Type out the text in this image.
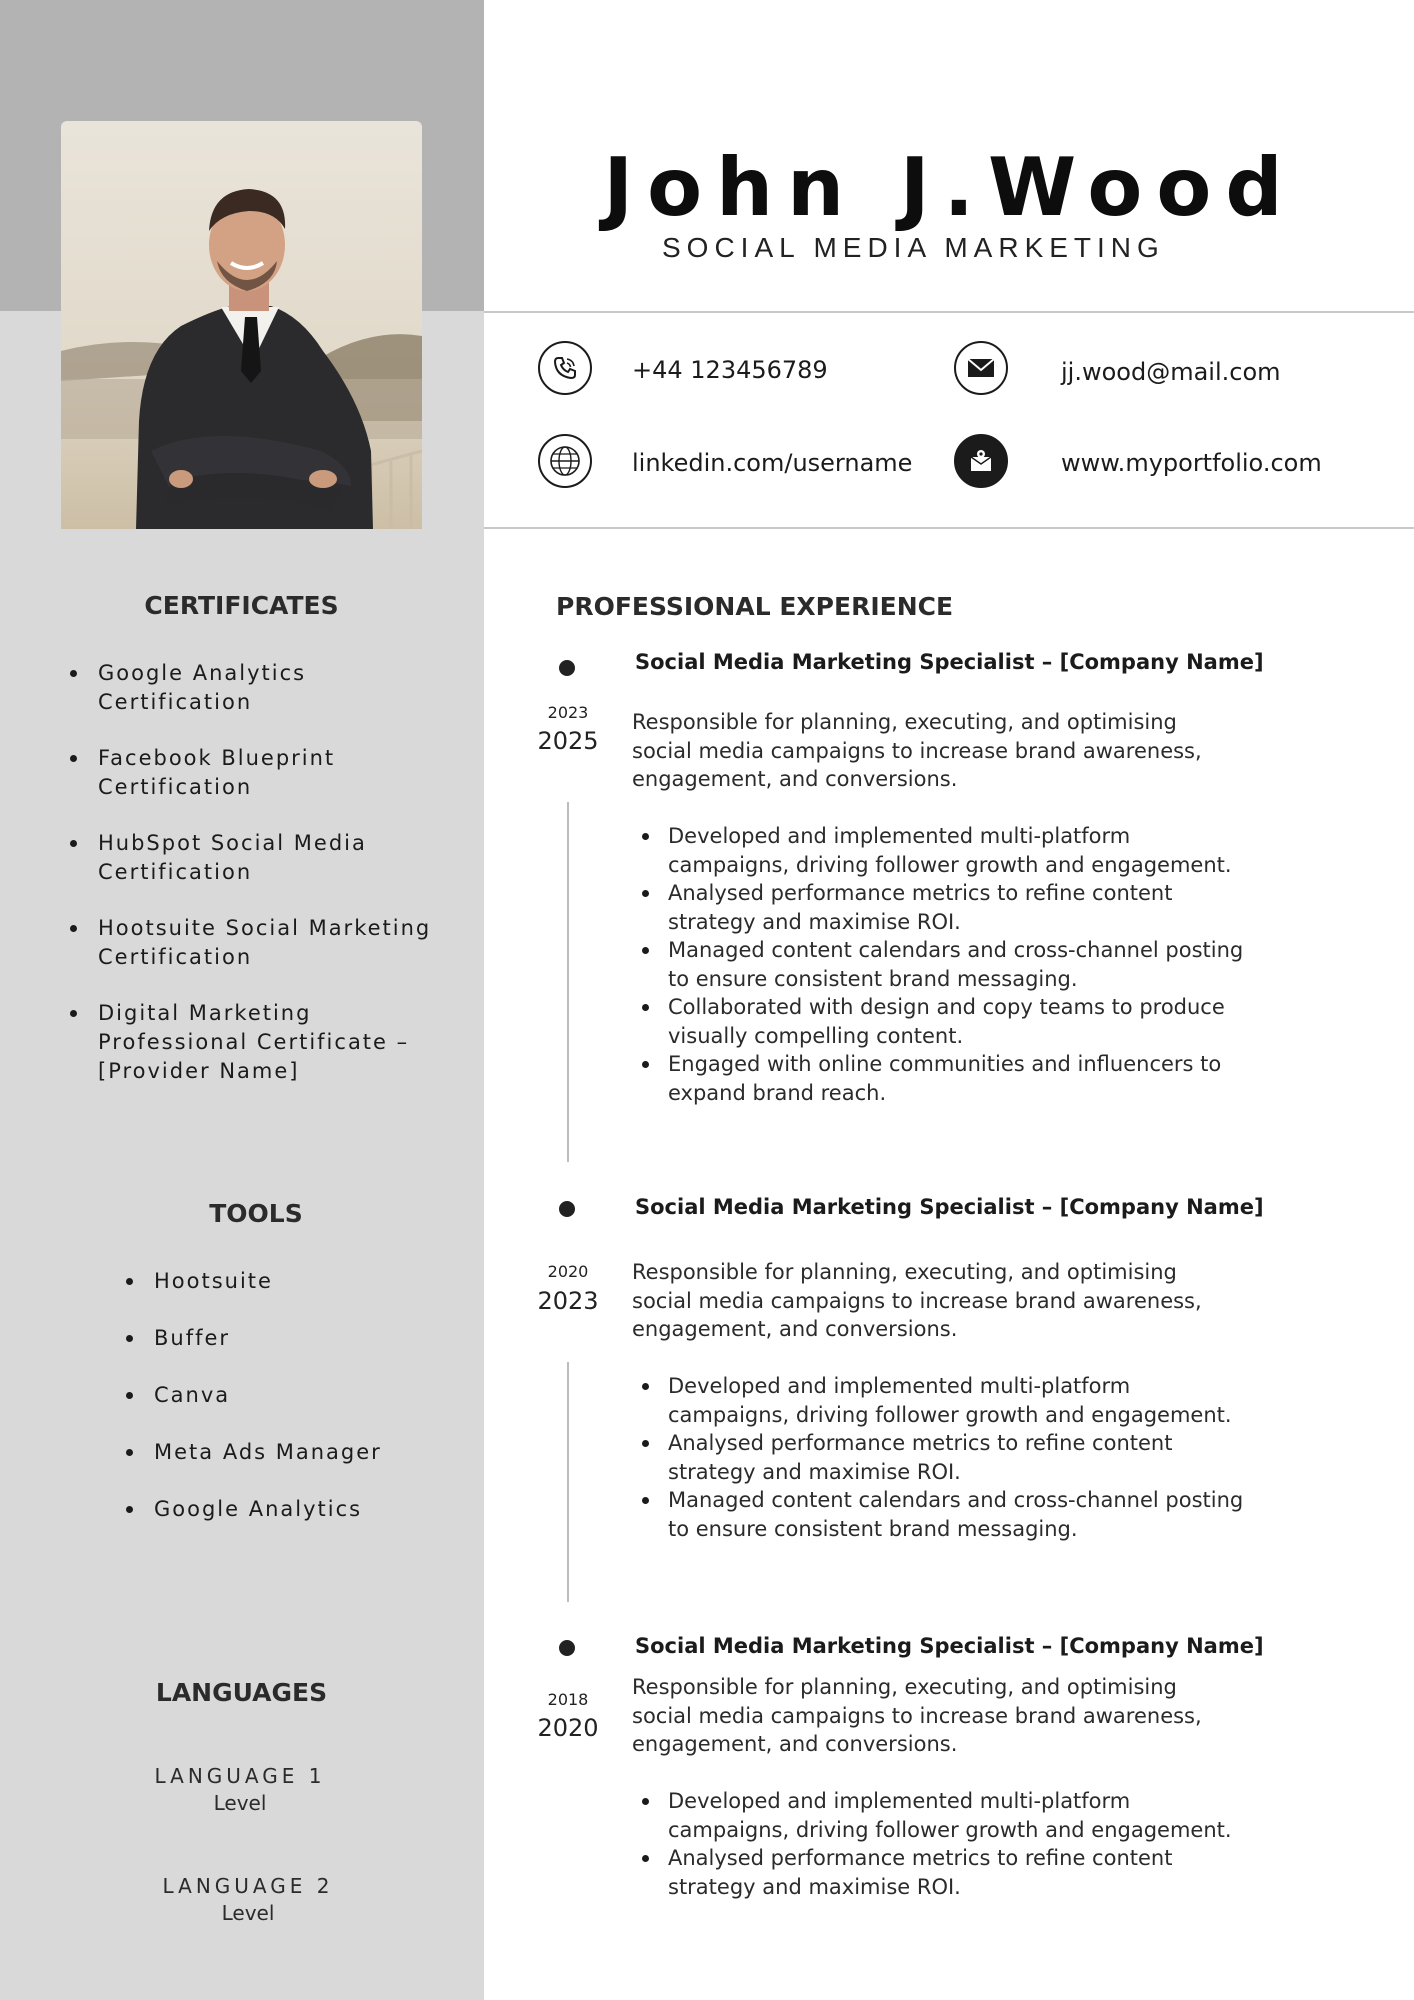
John J.Wood
SOCIAL MEDIA MARKETING
+44 123456789	jj.wood@mail.com
linkedin.com/username	www.myportfolio.com
CERTIFICATES
Google Analytics Certification
Facebook Blueprint Certification
HubSpot Social Media Certification
Hootsuite Social Marketing Certification
Digital Marketing Professional Certificate – [Provider Name]
TOOLS
Hootsuite
Buffer
Canva
Meta Ads Manager
Google Analytics
LANGUAGES
LANGUAGE 1
Level
LANGUAGE 2
Level
PROFESSIONAL EXPERIENCE
2023
2025
Social Media Marketing Specialist – [Company Name]
Responsible for planning, executing, and optimising social media campaigns to increase brand awareness, engagement, and conversions.
Developed and implemented multi-platform campaigns, driving follower growth and engagement.
Analysed performance metrics to refine content strategy and maximise ROI.
Managed content calendars and cross-channel posting to ensure consistent brand messaging.
Collaborated with design and copy teams to produce visually compelling content.
Engaged with online communities and influencers to expand brand reach.
2020
2023
Social Media Marketing Specialist – [Company Name]
Responsible for planning, executing, and optimising social media campaigns to increase brand awareness, engagement, and conversions.
Developed and implemented multi-platform campaigns, driving follower growth and engagement.
Analysed performance metrics to refine content strategy and maximise ROI.
Managed content calendars and cross-channel posting to ensure consistent brand messaging.
2018
2020
Social Media Marketing Specialist – [Company Name]
Responsible for planning, executing, and optimising social media campaigns to increase brand awareness, engagement, and conversions.
Developed and implemented multi-platform campaigns, driving follower growth and engagement.
Analysed performance metrics to refine content strategy and maximise ROI.
